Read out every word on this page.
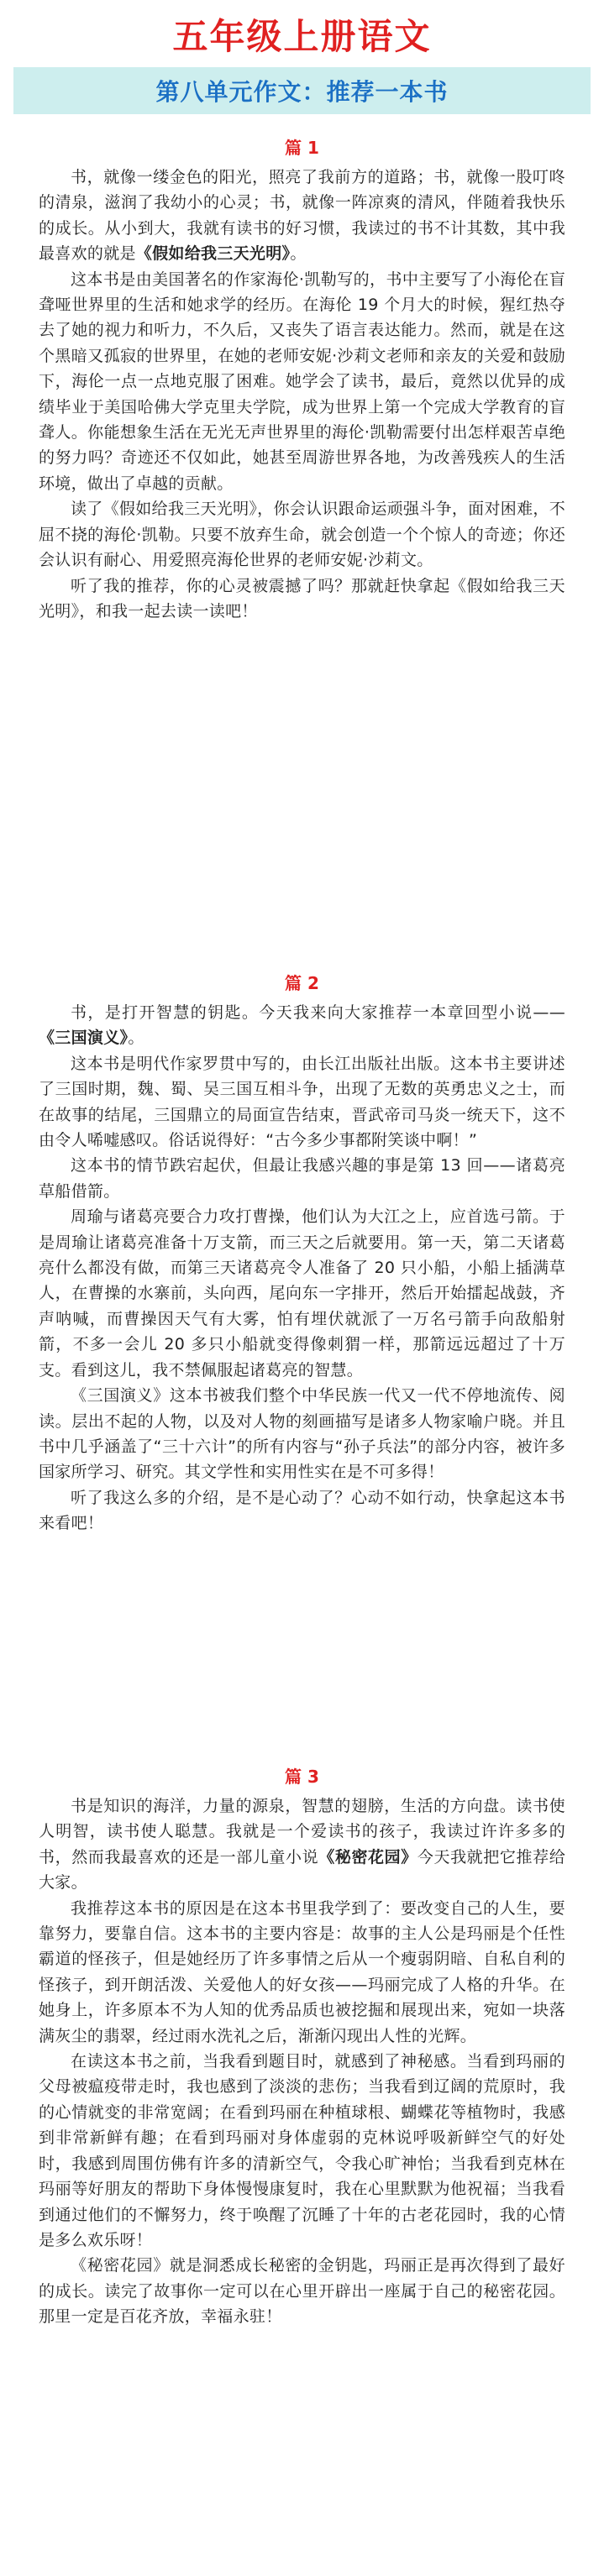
五年级上册语文
第八单元作文：推荐一本书
篇 1

书，就像一缕金色的阳光，照亮了我前方的道路；书，就像一股叮咚的清泉，滋润了我幼小的心灵；书，就像一阵凉爽的清风，伴随着我快乐的成长。从小到大，我就有读书的好习惯，我读过的书不计其数，其中我最喜欢的就是《假如给我三天光明》。

这本书是由美国著名的作家海伦·凯勒写的，书中主要写了小海伦在盲聋哑世界里的生活和她求学的经历。在海伦 19 个月大的时候，猩红热夺去了她的视力和听力，不久后，又丧失了语言表达能力。然而，就是在这个黑暗又孤寂的世界里，在她的老师安妮·沙莉文老师和亲友的关爱和鼓励下，海伦一点一点地克服了困难。她学会了读书，最后，竟然以优异的成绩毕业于美国哈佛大学克里夫学院，成为世界上第一个完成大学教育的盲聋人。你能想象生活在无光无声世界里的海伦·凯勒需要付出怎样艰苦卓绝的努力吗？奇迹还不仅如此，她甚至周游世界各地，为改善残疾人的生活环境，做出了卓越的贡献。

读了《假如给我三天光明》，你会认识跟命运顽强斗争，面对困难，不屈不挠的海伦·凯勒。只要不放弃生命，就会创造一个个惊人的奇迹；你还会认识有耐心、用爱照亮海伦世界的老师安妮·沙莉文。

听了我的推荐，你的心灵被震撼了吗？那就赶快拿起《假如给我三天光明》，和我一起去读一读吧！

篇 2

书，是打开智慧的钥匙。今天我来向大家推荐一本章回型小说——《三国演义》。

这本书是明代作家罗贯中写的，由长江出版社出版。这本书主要讲述了三国时期，魏、蜀、吴三国互相斗争，出现了无数的英勇忠义之士，而在故事的结尾，三国鼎立的局面宣告结束，晋武帝司马炎一统天下，这不由令人唏嘘感叹。俗话说得好：“古今多少事都附笑谈中啊！”

这本书的情节跌宕起伏，但最让我感兴趣的事是第 13 回——诸葛亮草船借箭。

周瑜与诸葛亮要合力攻打曹操，他们认为大江之上，应首选弓箭。于是周瑜让诸葛亮准备十万支箭，而三天之后就要用。第一天，第二天诸葛亮什么都没有做，而第三天诸葛亮令人准备了 20 只小船，小船上插满草人，在曹操的水寨前，头向西，尾向东一字排开，然后开始擂起战鼓，齐声呐喊，而曹操因天气有大雾，怕有埋伏就派了一万名弓箭手向敌船射箭，不多一会儿 20 多只小船就变得像刺猬一样，那箭远远超过了十万支。看到这儿，我不禁佩服起诸葛亮的智慧。

《三国演义》这本书被我们整个中华民族一代又一代不停地流传、阅读。层出不起的人物，以及对人物的刻画描写是诸多人物家喻户晓。并且书中几乎涵盖了“三十六计”的所有内容与“孙子兵法”的部分内容，被许多国家所学习、研究。其文学性和实用性实在是不可多得！

听了我这么多的介绍，是不是心动了？心动不如行动，快拿起这本书来看吧！

篇 3

书是知识的海洋，力量的源泉，智慧的翅膀，生活的方向盘。读书使人明智，读书使人聪慧。我就是一个爱读书的孩子，我读过许许多多的书，然而我最喜欢的还是一部儿童小说《秘密花园》今天我就把它推荐给大家。

我推荐这本书的原因是在这本书里我学到了：要改变自己的人生，要靠努力，要靠自信。这本书的主要内容是：故事的主人公是玛丽是个任性霸道的怪孩子，但是她经历了许多事情之后从一个瘦弱阴暗、自私自利的怪孩子，到开朗活泼、关爱他人的好女孩——玛丽完成了人格的升华。在她身上，许多原本不为人知的优秀品质也被挖掘和展现出来，宛如一块落满灰尘的翡翠，经过雨水洗礼之后，渐渐闪现出人性的光辉。

在读这本书之前，当我看到题目时，就感到了神秘感。当看到玛丽的父母被瘟疫带走时，我也感到了淡淡的悲伤；当我看到辽阔的荒原时，我的心情就变的非常宽阔；在看到玛丽在种植球根、蝴蝶花等植物时，我感到非常新鲜有趣；在看到玛丽对身体虚弱的克林说呼吸新鲜空气的好处时，我感到周围仿佛有许多的清新空气，令我心旷神怡；当我看到克林在玛丽等好朋友的帮助下身体慢慢康复时，我在心里默默为他祝福；当我看到通过他们的不懈努力，终于唤醒了沉睡了十年的古老花园时，我的心情是多么欢乐呀！

《秘密花园》就是洞悉成长秘密的金钥匙，玛丽正是再次得到了最好的成长。读完了故事你一定可以在心里开辟出一座属于自己的秘密花园。那里一定是百花齐放，幸福永驻！
